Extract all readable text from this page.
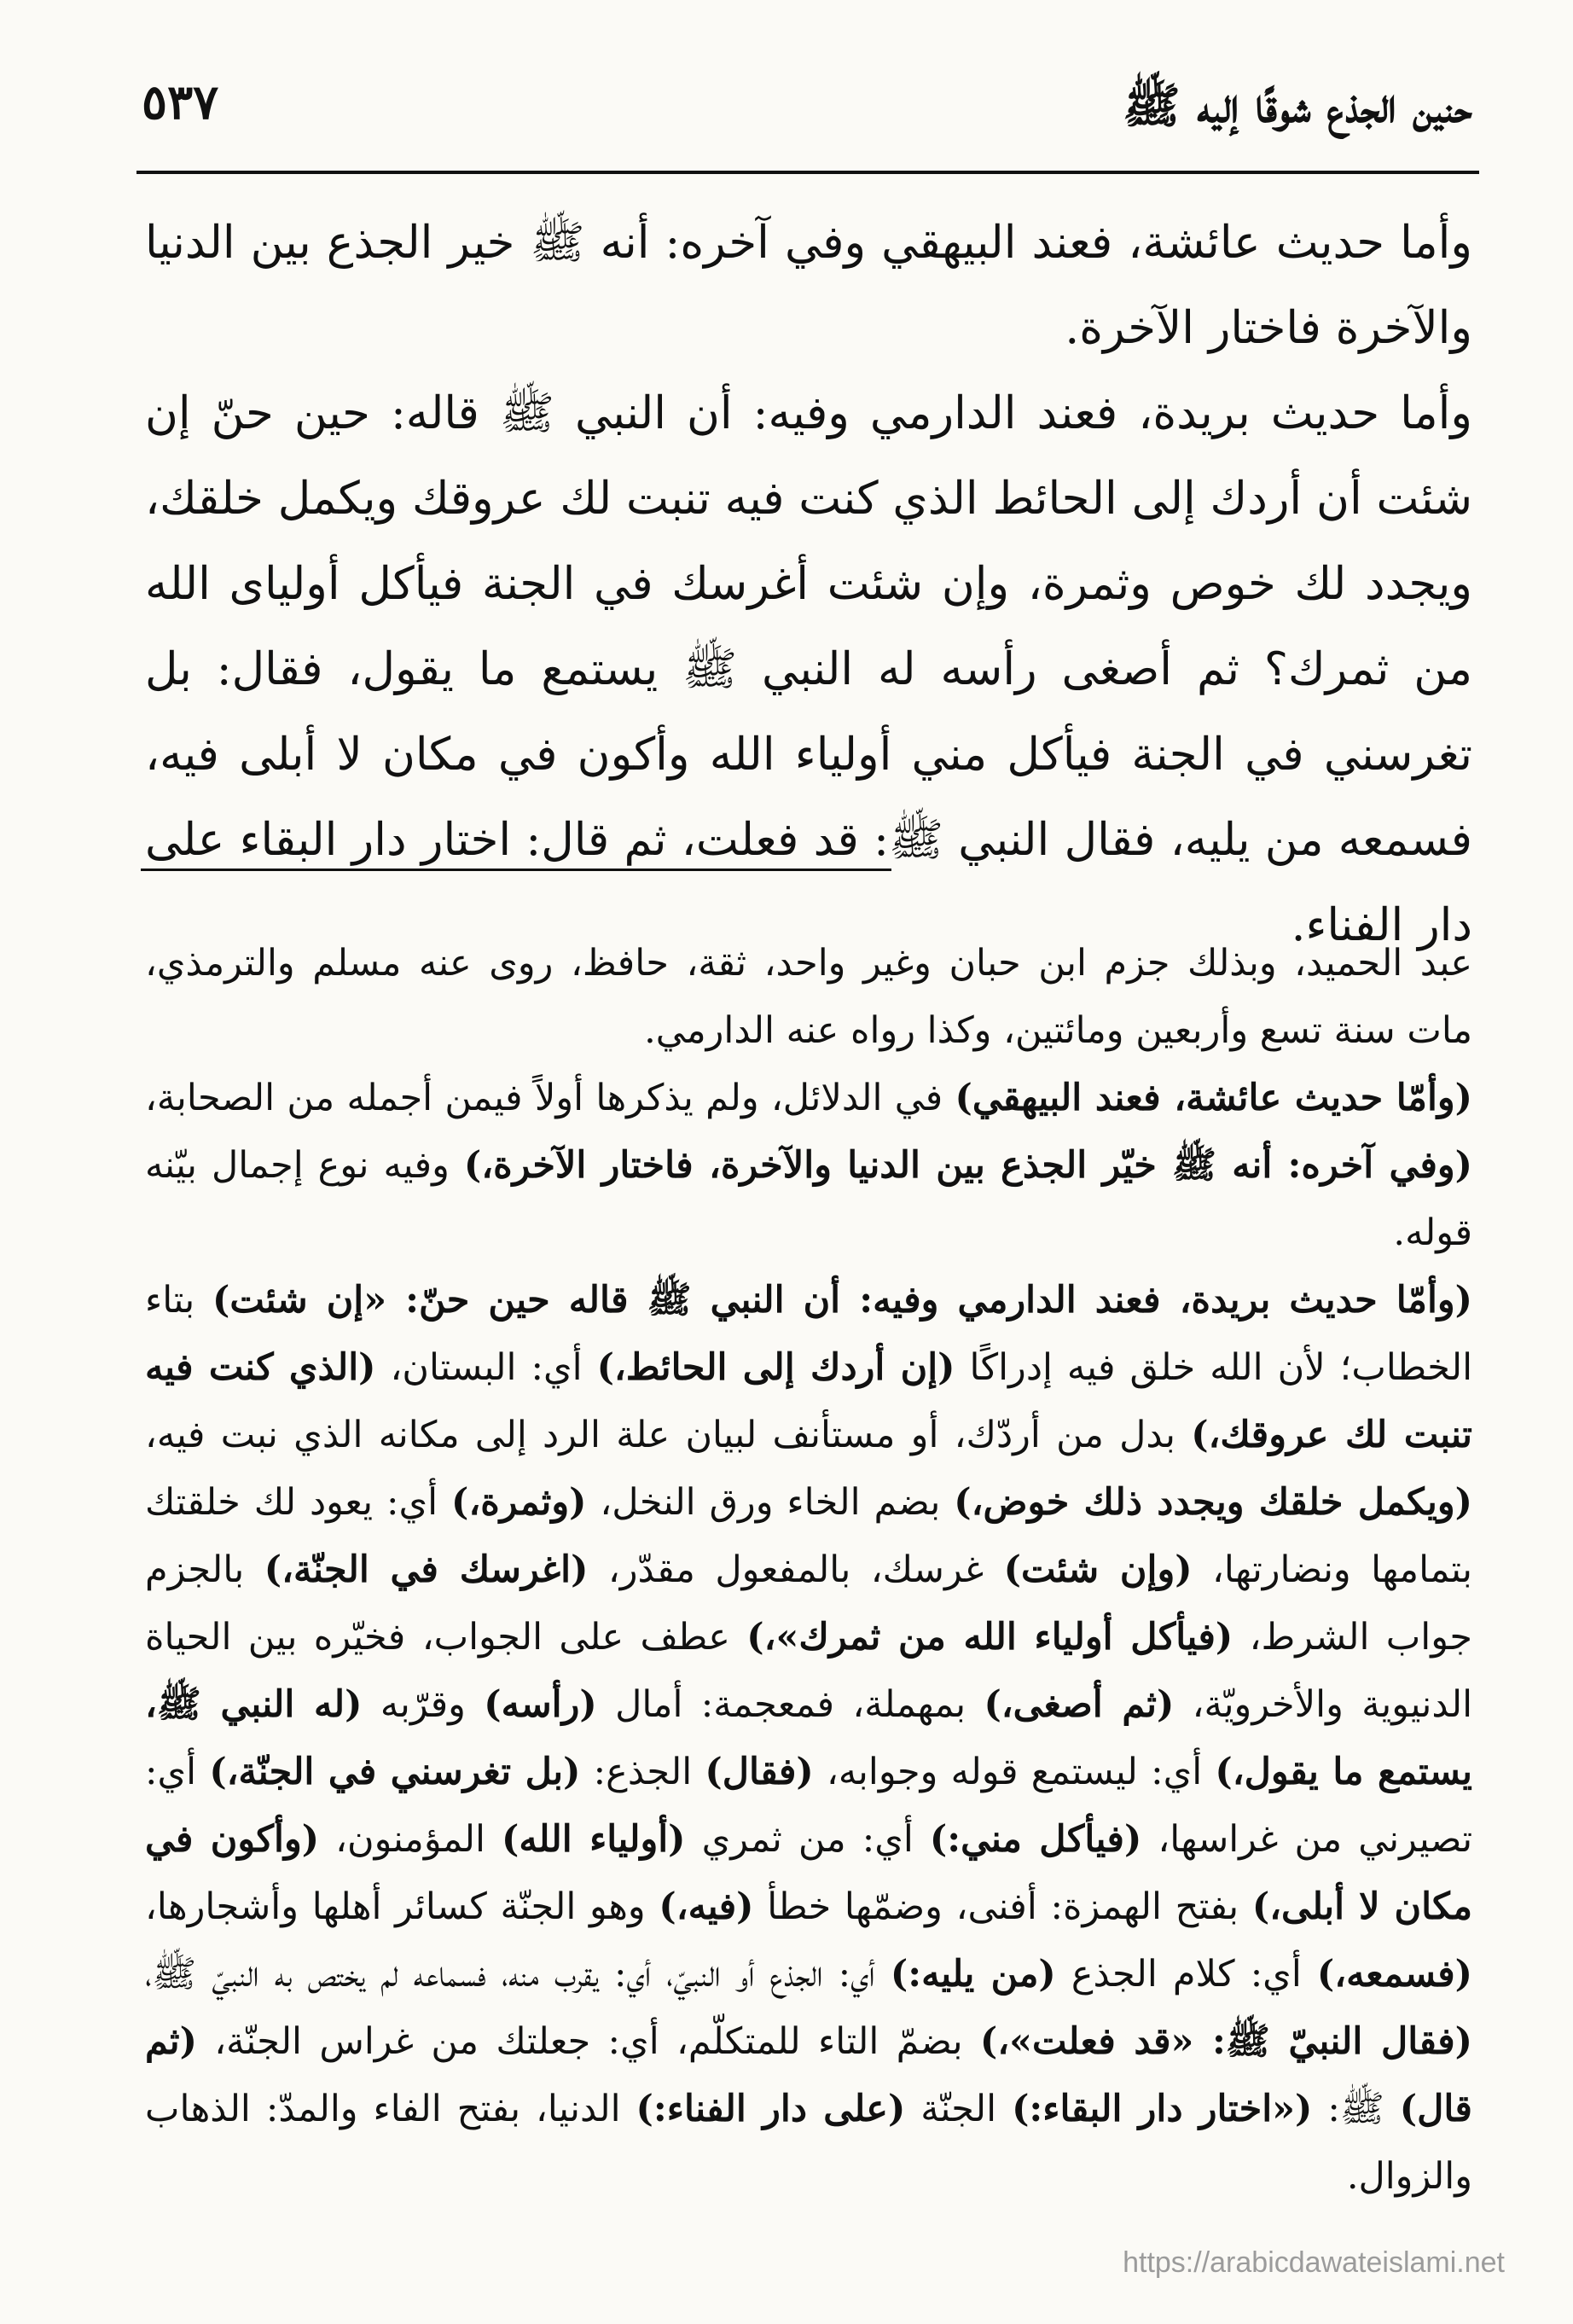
حنين الجذع شوقًا إليه ﷺ
٥٣٧

وأما حديث عائشة، فعند البيهقي وفي آخره: أنه ﷺ خير الجذع بين الدنيا والآخرة فاختار الآخرة.

وأما حديث بريدة، فعند الدارمي وفيه: أن النبي ﷺ قاله: حين حنّ إن شئت أن أردك إلى الحائط الذي كنت فيه تنبت لك عروقك ويكمل خلقك، ويجدد لك خوص وثمرة، وإن شئت أغرسك في الجنة فيأكل أولياى الله من ثمرك؟ ثم أصغى رأسه له النبي ﷺ يستمع ما يقول، فقال: بل تغرسني في الجنة فيأكل مني أولياء الله وأكون في مكان لا أبلى فيه، فسمعه من يليه، فقال النبي ﷺ: قد فعلت، ثم قال: اختار دار البقاء على دار الفناء.

عبد الحميد، وبذلك جزم ابن حبان وغير واحد، ثقة، حافظ، روى عنه مسلم والترمذي، مات سنة تسع وأربعين ومائتين، وكذا رواه عنه الدارمي.

(وأمّا حديث عائشة، فعند البيهقي) في الدلائل، ولم يذكرها أولاً فيمن أجمله من الصحابة، (وفي آخره: أنه ﷺ خيّر الجذع بين الدنيا والآخرة، فاختار الآخرة،) وفيه نوع إجمال بيّنه قوله.

(وأمّا حديث بريدة، فعند الدارمي وفيه: أن النبي ﷺ قاله حين حنّ: «إن شئت) بتاء الخطاب؛ لأن الله خلق فيه إدراكًا (إن أردك إلى الحائط،) أي: البستان، (الذي كنت فيه تنبت لك عروقك،) بدل من أردّك، أو مستأنف لبيان علة الرد إلى مكانه الذي نبت فيه، (ويكمل خلقك ويجدد ذلك خوض،) بضم الخاء ورق النخل، (وثمرة،) أي: يعود لك خلقتك بتمامها ونضارتها، (وإن شئت) غرسك، بالمفعول مقدّر، (اغرسك في الجنّة،) بالجزم جواب الشرط، (فيأكل أولياء الله من ثمرك»،) عطف على الجواب، فخيّره بين الحياة الدنيوية والأخرويّة، (ثم أصغى،) بمهملة، فمعجمة: أمال (رأسه) وقرّبه (له النبي ﷺ، يستمع ما يقول،) أي: ليستمع قوله وجوابه، (فقال) الجذع: (بل تغرسني في الجنّة،) أي: تصيرني من غراسها، (فيأكل مني:) أي: من ثمري (أولياء الله) المؤمنون، (وأكون في مكان لا أبلى،) بفتح الهمزة: أفنى، وضمّها خطأ (فيه،) وهو الجنّة كسائر أهلها وأشجارها، (فسمعه،) أي: كلام الجذع (من يليه:) أي: الجذع أو النبيّ، أي: يقرب منه، فسماعه لم يختص به النبيّ ﷺ، (فقال النبيّ ﷺ: «قد فعلت»،) بضمّ التاء للمتكلّم، أي: جعلتك من غراس الجنّة، (ثم قال) ﷺ: («اختار دار البقاء:) الجنّة (على دار الفناء:) الدنيا، بفتح الفاء والمدّ: الذهاب والزوال.

https://arabicdawateislami.net
